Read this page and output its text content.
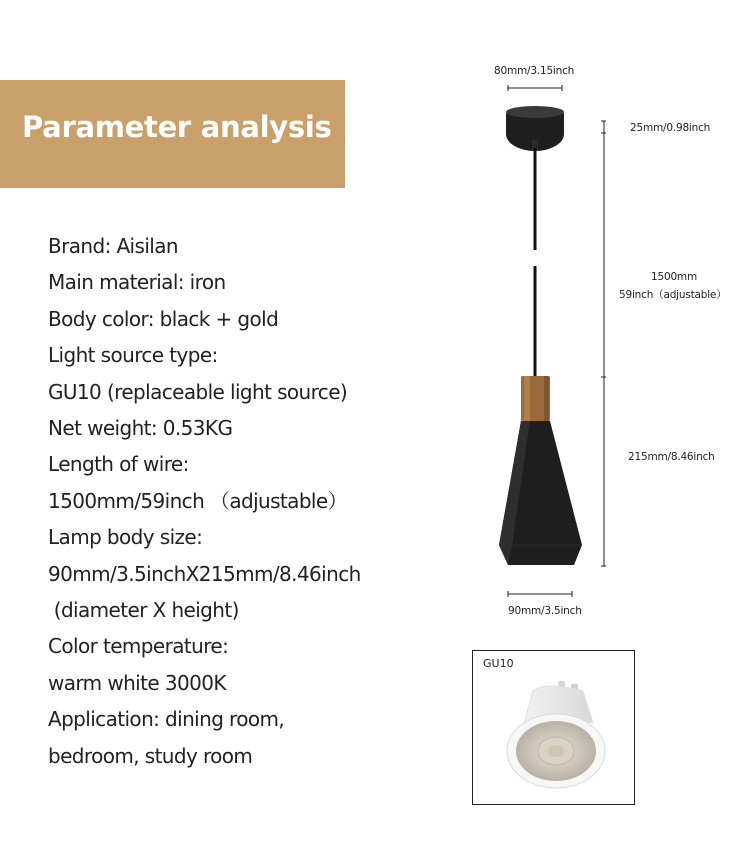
Parameter analysis
Brand: Aisilan
Main material: iron
Body color: black + gold
Light source type:
GU10 (replaceable light source)
Net weight: 0.53KG
Length of wire:
1500mm/59inch （adjustable）
Lamp body size:
90mm/3.5inchX215mm/8.46inch
(diameter X height)
Color temperature:
warm white 3000K
Application: dining room,
bedroom, study room
80mm/3.15inch
25mm/0.98inch
1500mm
59inch（adjustable）
215mm/8.46inch
90mm/3.5inch
GU10
